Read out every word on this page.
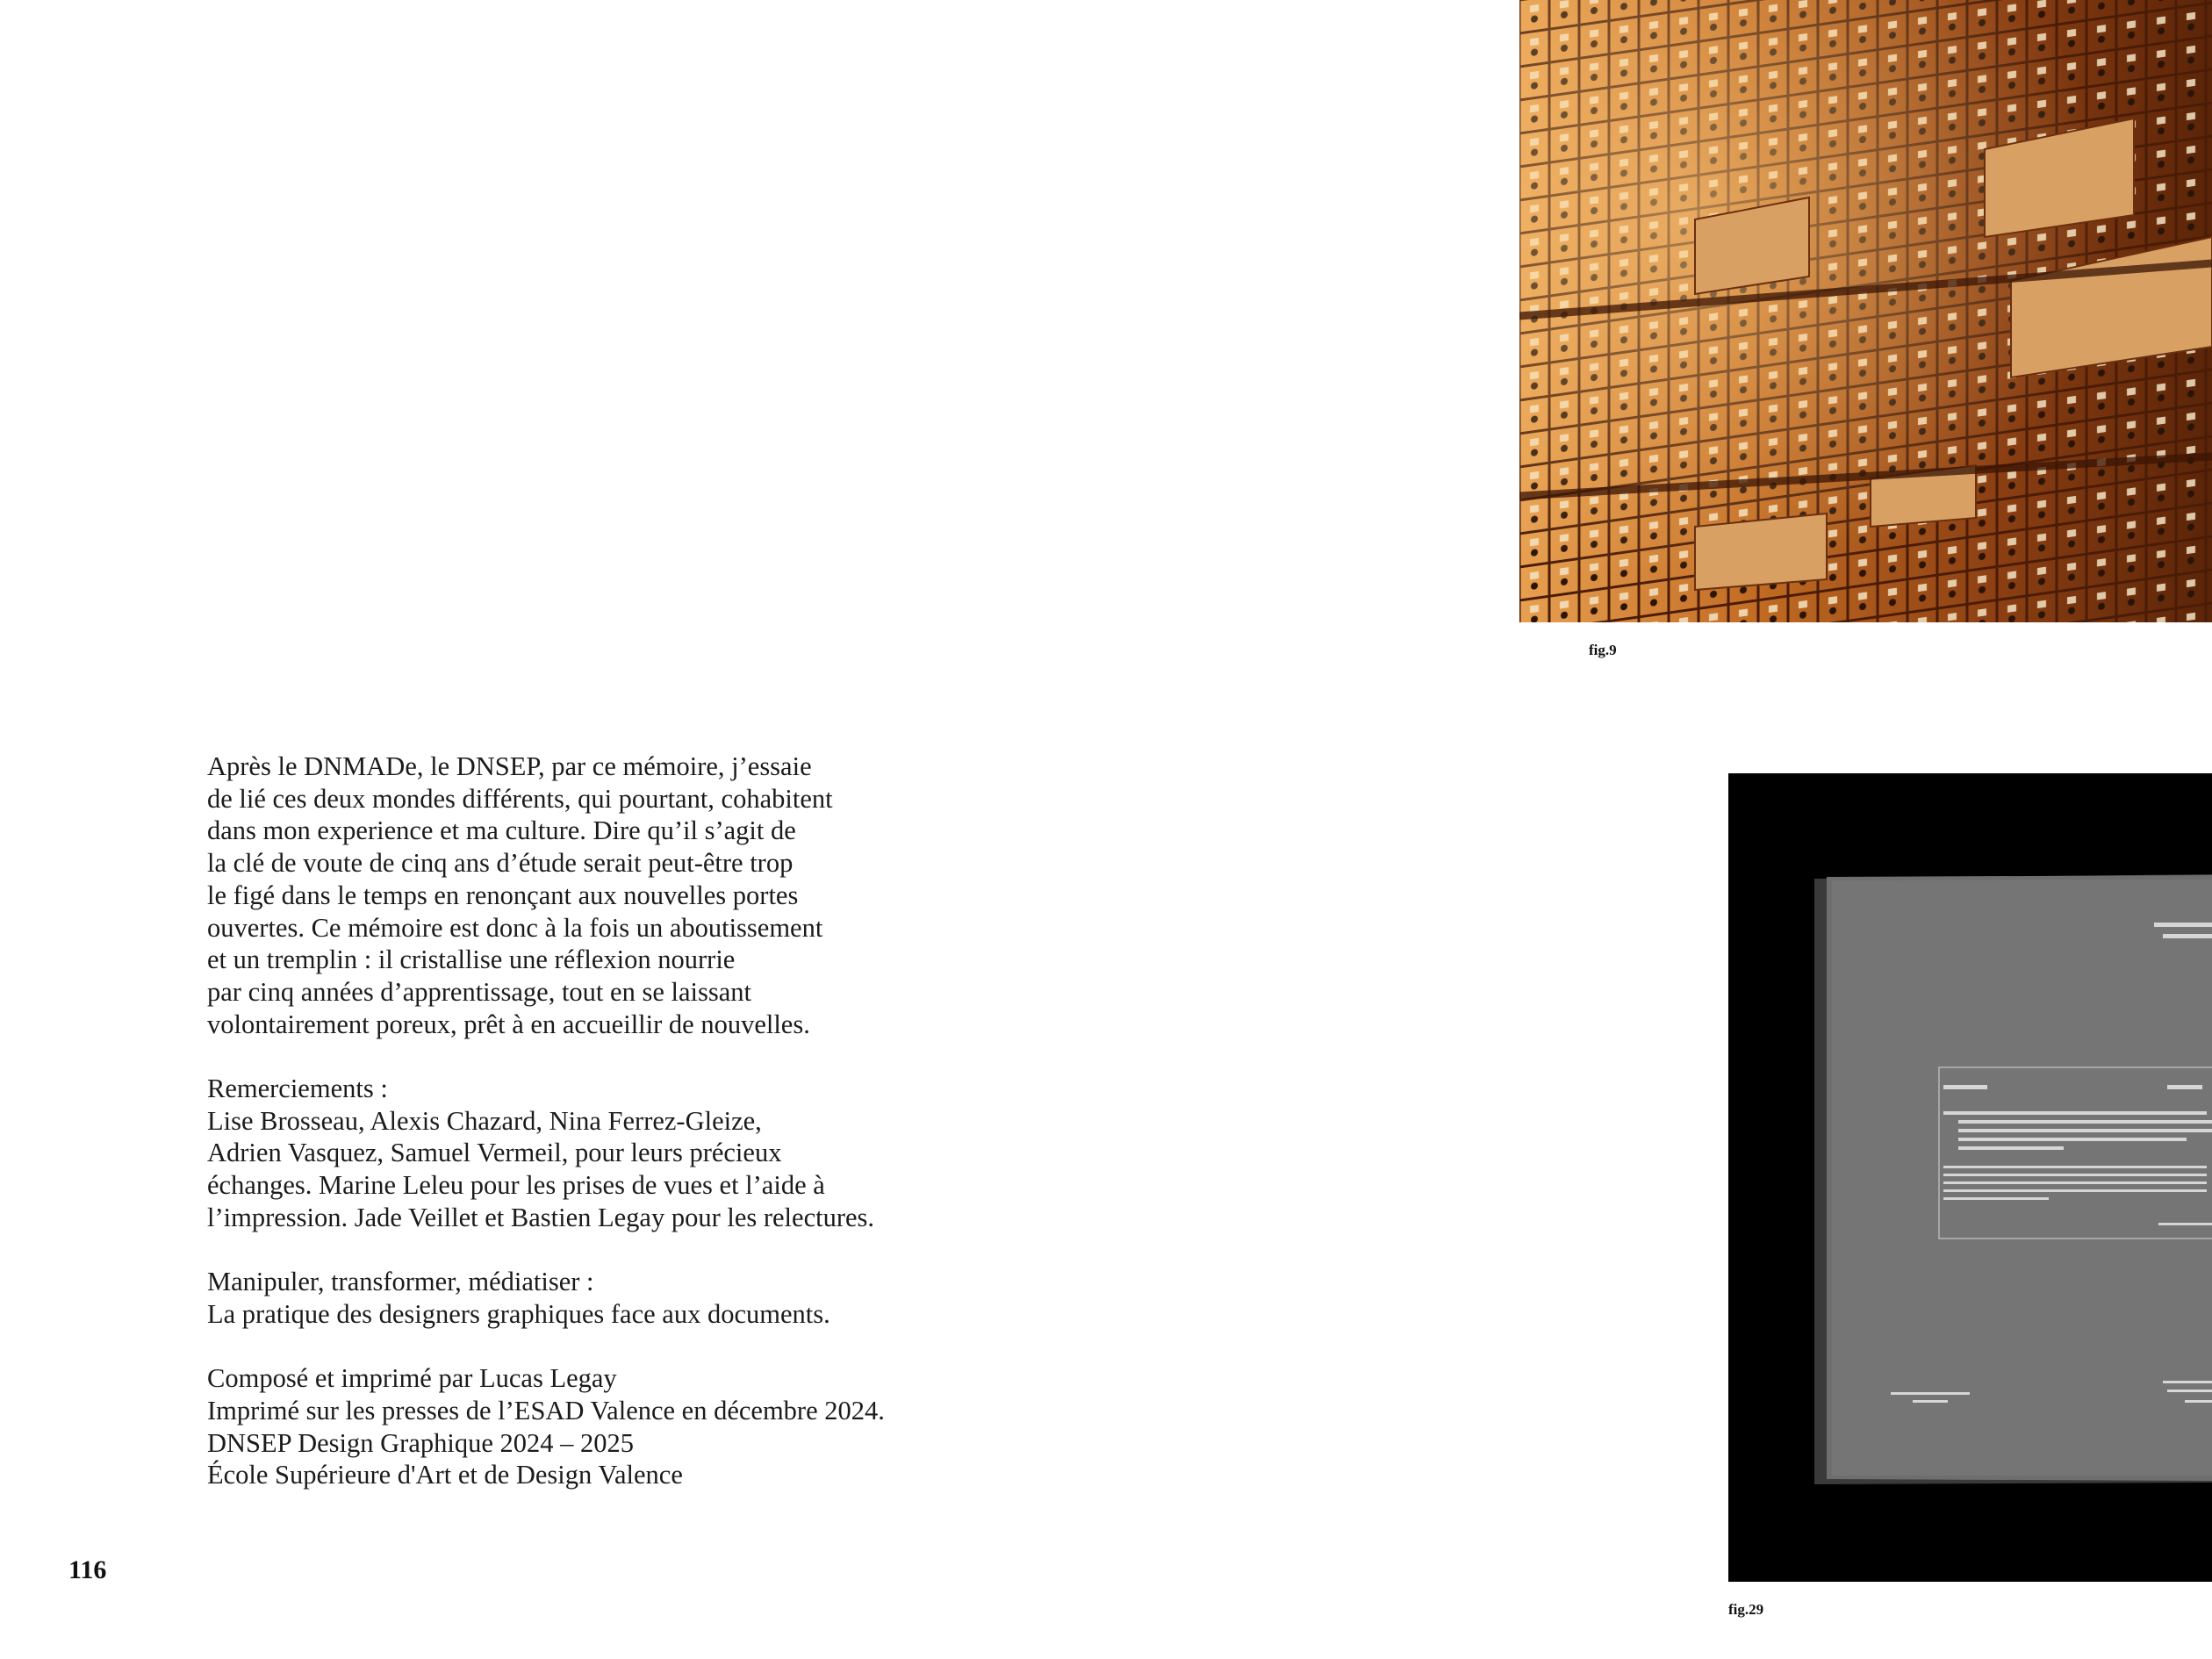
fig.9

Après le DNMADe, le DNSEP, par ce mémoire, j’essaie
de lié ces deux mondes différents, qui pourtant, cohabitent
dans mon experience et ma culture. Dire qu’il s’agit de
la clé de voute de cinq ans d’étude serait peut-être trop
le figé dans le temps en renonçant aux nouvelles portes
ouvertes. Ce mémoire est donc à la fois un aboutissement
et un tremplin : il cristallise une réflexion nourrie
par cinq années d’apprentissage, tout en se laissant
volontairement poreux, prêt à en accueillir de nouvelles.

Remerciements :
Lise Brosseau, Alexis Chazard, Nina Ferrez-Gleize,
Adrien Vasquez, Samuel Vermeil, pour leurs précieux
échanges. Marine Leleu pour les prises de vues et l’aide à
l’impression. Jade Veillet et Bastien Legay pour les relectures.

Manipuler, transformer, médiatiser :
La pratique des designers graphiques face aux documents.

Composé et imprimé par Lucas Legay
Imprimé sur les presses de l’ESAD Valence en décembre 2024.
DNSEP Design Graphique 2024 – 2025
École Supérieure d'Art et de Design Valence

116
fig.29
